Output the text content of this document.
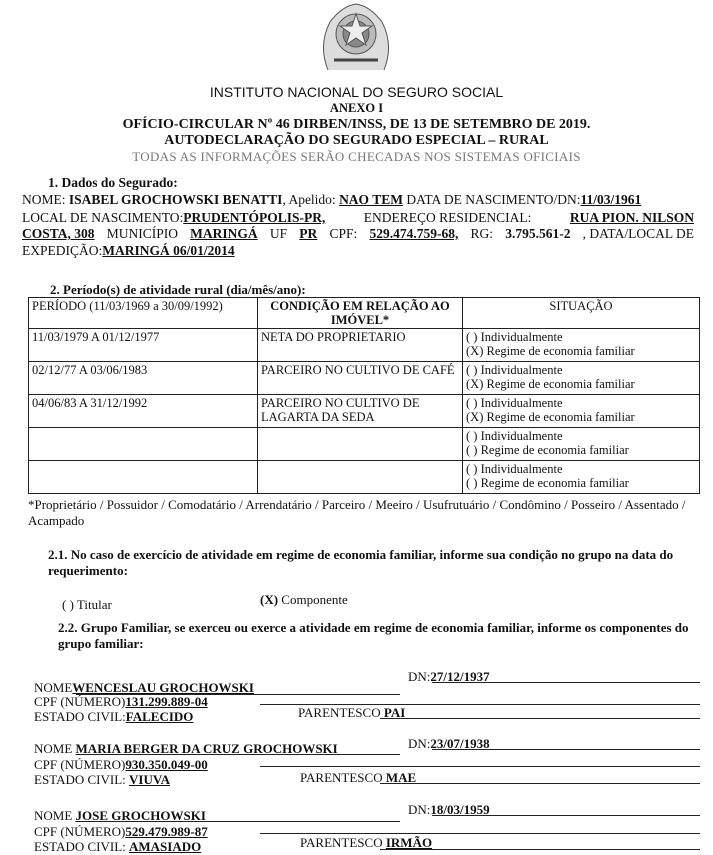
INSTITUTO NACIONAL DO SEGURO SOCIAL
ANEXO I
OFÍCIO-CIRCULAR Nº 46 DIRBEN/INSS, DE 13 DE SETEMBRO DE 2019.
AUTODECLARAÇÃO DO SEGURADO ESPECIAL – RURAL
TODAS AS INFORMAÇÕES SERÃO CHECADAS NOS SISTEMAS OFICIAIS
1. Dados do Segurado:
NOME: ISABEL GROCHOWSKI BENATTI, Apelido: NAO TEM DATA DE NASCIMENTO/DN:11/03/1961
LOCAL DE NASCIMENTO:PRUDENTÓPOLIS-PR,	ENDEREÇO RESIDENCIAL:	RUA PION. NILSON
COSTA, 308 MUNICÍPIO MARINGÁ UF PR CPF: 529.474.759-68, RG: 3.795.561-2 , DATA/LOCAL DE
EXPEDIÇÃO:MARINGÁ 06/01/2014
2. Período(s) de atividade rural (dia/mês/ano):
PERÍODO (11/03/1969 a 30/09/1992)	CONDIÇÃO EM RELAÇÃO AO IMÓVEL*	SITUAÇÃO
11/03/1979 A 01/12/1977	NETA DO PROPRIETARIO	( ) Individualmente
(X) Regime de economia familiar

02/12/77 A 03/06/1983	PARCEIRO NO CULTIVO DE CAFÉ	( ) Individualmente
(X) Regime de economia familiar

04/06/83 A 31/12/1992	PARCEIRO NO CULTIVO DE LAGARTA DA SEDA	( ) Individualmente
(X) Regime de economia familiar

		( ) Individualmente
( ) Regime de economia familiar

		( ) Individualmente
( ) Regime de economia familiar
*Proprietário / Possuidor / Comodatário / Arrendatário / Parceiro / Meeiro / Usufrutuário / Condômino / Posseiro / Assentado / Acampado
2.1. No caso de exercício de atividade em regime de economia familiar, informe sua condição no grupo na data do requerimento:
( ) Titular	(X) Componente
2.2. Grupo Familiar, se exerceu ou exerce a atividade em regime de economia familiar, informe os componentes do grupo familiar:
NOMEWENCESLAU GROCHOWSKI
DN:27/12/1937
CPF (NÚMERO)131.299.889-04
ESTADO CIVIL:FALECIDO	PARENTESCO PAI
NOME MARIA BERGER DA CRUZ GROCHOWSKI	DN:23/07/1938
CPF (NÚMERO)930.350.049-00
ESTADO CIVIL: VIUVA	PARENTESCO MAE
NOME JOSE GROCHOWSKI	DN:18/03/1959
CPF (NÚMERO)529.479.989-87
ESTADO CIVIL: AMASIADO	PARENTESCO IRMÃO
